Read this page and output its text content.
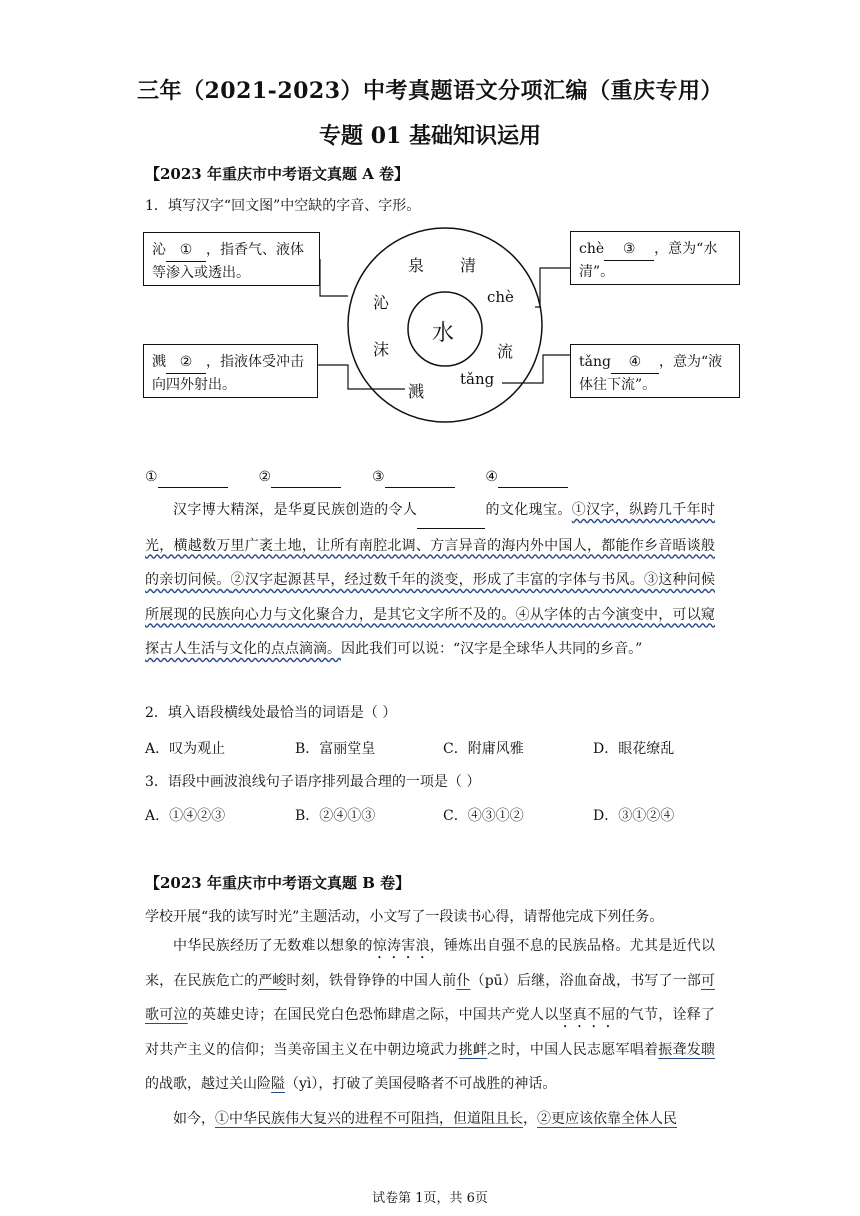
三年（2021-2023）中考真题语文分项汇编（重庆专用）
专题 01 基础知识运用
【2023 年重庆市中考语文真题 A 卷】
1．填写汉字“回文图”中空缺的字音、字形。
沁 ① ，指香气、液体等渗入或透出。
溅 ② ，指液体受冲击向四外射出。
chè ③ ，意为“水清”。
tǎng ④ ，意为“液体往下流”。
水
泉 清
chè
流
tǎng
溅
沫
沁
①	②	③	④
汉字博大精深，是华夏民族创造的令人	的文化瑰宝。①汉字，纵跨几千年时光，横越数万里广袤土地，让所有南腔北调、方言异音的海内外中国人，都能作乡音晤谈般的亲切问候。②汉字起源甚早，经过数千年的淡变，形成了丰富的字体与书风。③这种问候所展现的民族向心力与文化聚合力，是其它文字所不及的。④从字体的古今演变中，可以窥探古人生活与文化的点点滴滴。因此我们可以说：“汉字是全球华人共同的乡音。”
2．填入语段横线处最恰当的词语是（ ）
A．叹为观止	B．富丽堂皇	C．附庸风雅	D．眼花缭乱
3．语段中画波浪线句子语序排列最合理的一项是（ ）
A．①④②③	B．②④①③	C．④③①②	D．③①②④
【2023 年重庆市中考语文真题 B 卷】
学校开展“我的读写时光”主题活动，小文写了一段读书心得，请帮他完成下列任务。
中华民族经历了无数难以想象的惊涛害浪，锤炼出自强不息的民族品格。尤其是近代以来，在民族危亡的严峻时刻，铁骨铮铮的中国人前仆（pū）后继，浴血奋战，书写了一部可歌可泣的英雄史诗；在国民党白色恐怖肆虐之际，中国共产党人以坚真不屈的气节，诠释了对共产主义的信仰；当美帝国主义在中朝边境武力挑衅之时，中国人民志愿军唱着振聋发聩的战歌，越过关山险隘（yì），打破了美国侵略者不可战胜的神话。
如今，①中华民族伟大复兴的进程不可阻挡，但道阻且长，②更应该依靠全体人民
试卷第 1页，共 6页
